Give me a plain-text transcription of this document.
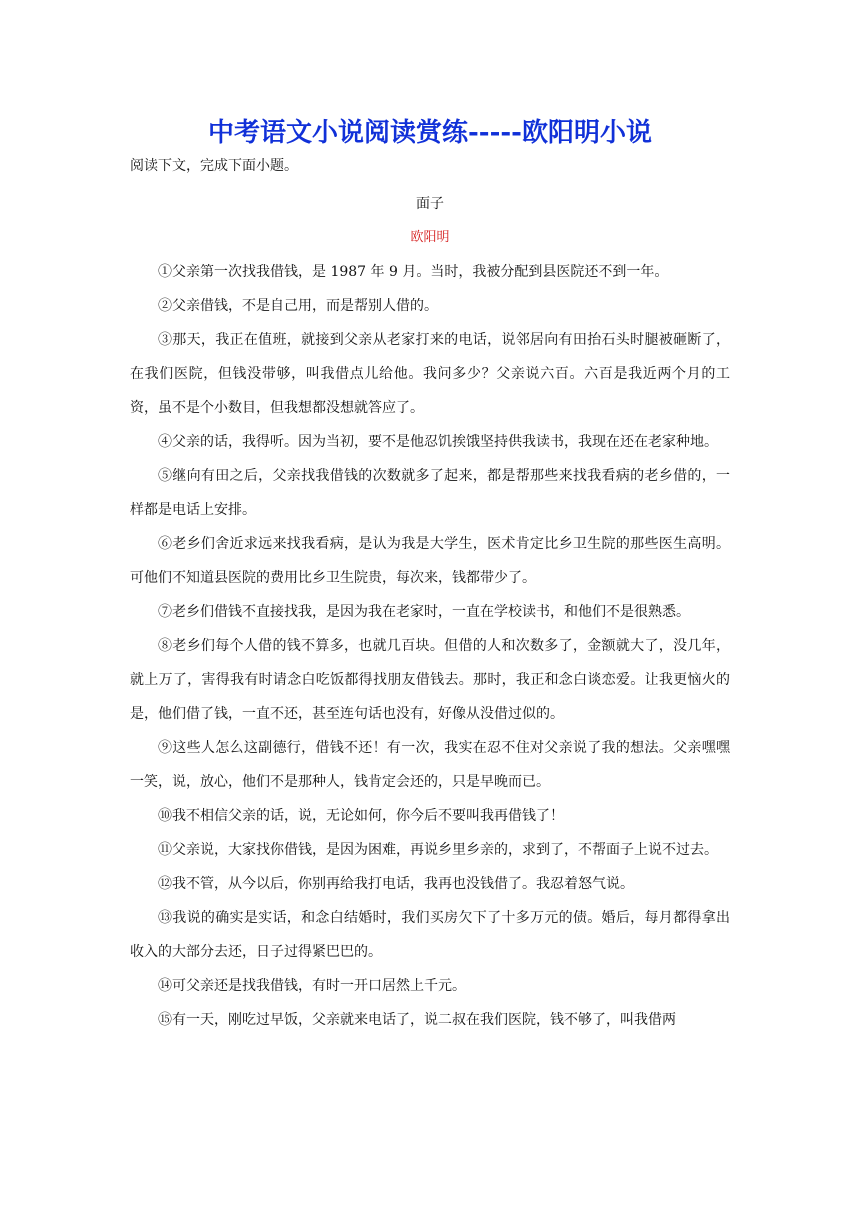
中考语文小说阅读赏练-----欧阳明小说
阅读下文，完成下面小题。
面子
欧阳明

①父亲第一次找我借钱，是 1987 年 9 月。当时，我被分配到县医院还不到一年。

②父亲借钱，不是自己用，而是帮别人借的。

③那天，我正在值班，就接到父亲从老家打来的电话，说邻居向有田抬石头时腿被砸断了，在我们医院，但钱没带够，叫我借点儿给他。我问多少？父亲说六百。六百是我近两个月的工资，虽不是个小数目，但我想都没想就答应了。

④父亲的话，我得听。因为当初，要不是他忍饥挨饿坚持供我读书，我现在还在老家种地。

⑤继向有田之后，父亲找我借钱的次数就多了起来，都是帮那些来找我看病的老乡借的，一样都是电话上安排。

⑥老乡们舍近求远来找我看病，是认为我是大学生，医术肯定比乡卫生院的那些医生高明。可他们不知道县医院的费用比乡卫生院贵，每次来，钱都带少了。

⑦老乡们借钱不直接找我，是因为我在老家时，一直在学校读书，和他们不是很熟悉。

⑧老乡们每个人借的钱不算多，也就几百块。但借的人和次数多了，金额就大了，没几年，就上万了，害得我有时请念白吃饭都得找朋友借钱去。那时，我正和念白谈恋爱。让我更恼火的是，他们借了钱，一直不还，甚至连句话也没有，好像从没借过似的。

⑨这些人怎么这副德行，借钱不还！有一次，我实在忍不住对父亲说了我的想法。父亲嘿嘿一笑，说，放心，他们不是那种人，钱肯定会还的，只是早晚而已。

⑩我不相信父亲的话，说，无论如何，你今后不要叫我再借钱了！

⑪父亲说，大家找你借钱，是因为困难，再说乡里乡亲的，求到了，不帮面子上说不过去。

⑫我不管，从今以后，你别再给我打电话，我再也没钱借了。我忍着怒气说。

⑬我说的确实是实话，和念白结婚时，我们买房欠下了十多万元的债。婚后，每月都得拿出收入的大部分去还，日子过得紧巴巴的。

⑭可父亲还是找我借钱，有时一开口居然上千元。

⑮有一天，刚吃过早饭，父亲就来电话了，说二叔在我们医院，钱不够了，叫我借两
